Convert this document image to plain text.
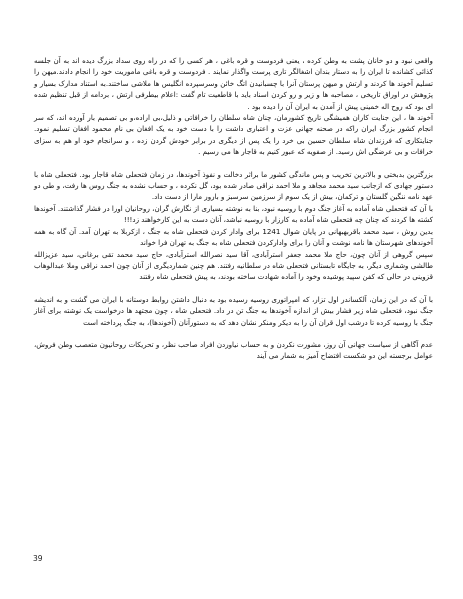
واقعی نبود و دو خانان پشت به وطن کرده ، یعنی فردوست و قره باغی ، هر کسی را که در راه روی سداد بزرگ دیده اند به آن جلسه کذائی کشانده تا ایران را به دستار بندان اشغالگر تاری پرست واگذار نمایند . فردوست و قره باغی ماموریت خود را انجام دادند.میهن را تسلیم آخوند ها کردند و ارتش و میهن پرستان آنرا با چسبانیدن اتگ خائن وسرسپرده انگلیس ها ملاشی ساختند.به استناد مدارک بسیار و پژوهش در اوراق تاریخی ، مصاحبه ها و زیر و رو کردن اسناد باید با قاطعیت تام گفت :اعلام بیطرفی ارتش ، بردامه از قبل تنظیم شده ای بود که روح اله خمینی پیش از آمدن به ایران آن را دیده بود .

آخوند ها ، این جنایت کاران همیشگی تاریخ کشورمان، چنان شاه سلطان را خرافاتی و ذلیل،بی اراده،و بی تصمیم بار آورده اند، که سر انجام کشور بزرگ ایران راکه در صحنه جهانی عزت و اعتباری داشت را با دست خود به یک افغان بی نام محمود افغان تسلیم نمود. جنایتکاری که فرزندان شاه سلطان حسین بی خرد را یک پس از دیگری در برابر خودش گردن زده ، و سرانجام خود او هم به سزای خرافات و بی عرضگی اش رسید. از صفویه که عبور کنیم به قاجار ها می رسیم .

بزرگترین بدبختی و بالاترین تخریب و پس ماندگی کشور ما براثر دخالت و نفوذ آخوندها، در زمان فتحعلی شاه قاجار بود. فتحعلی شاه با دستور جهادی که ازجانب سید محمد مجاهد و ملا احمد نراقی صادر شده بود، گل نکرده ، و حساب نشده به جنگ روس ها رفت، و طی دو عهد نامه ننگین گلستان و ترکمان، بیش از یک سوم از سرزمین سرسبز و بارور مارا از دست داد.

با آن که فتحعلی شاه آماده به آغاز جنگ دوم با روسیه نبود، بنا به نوشته بسیاری از نگارش گران، روحانیان اورا در فشار گذاشتند. آخوندها کشته ها کردند که چنان چه فتحعلی شاه آماده به کارزار با روسیه نباشد، آنان دست به این کارخواهند زد!!!

بدین روش ، سید محمد باقربهبهانی در پایان شوال 1241 برای وادار کردن فتحعلی شاه به جنگ ، ازکربلا به تهران آمد. آن گاه به همه آخوندهای شهرستان ها نامه نوشت و آنان را برای واداركردن فتحعلی شاه به جنگ به تهران فرا خواند

سپس گروهی از آنان چون، حاج ملا محمد جعفر استرآبادی، آقا سید نصرالله استرآبادی، حاج سید محمد تقی برغانی، سید عزیزالله طالشی وشماری دیگر، به جایگاه تابستانی فتحعلی شاه در سلطانیه رفتند. هم چنین شماردیگری از آنان چون احمد نراقی وملا عبدالوهاب قزوینی در حالی که کفن سپید پوشیده وخود را آماده شهادت ساخته بودند، به پیش فتحعلی شاه رفتند

با آن که در این زمان، آلکساندر اول تزار، که امپراتوری روسیه رسیده بود به دنبال داشتن روابط دوستانه با ایران می گشت و به اندیشه جنگ نبود، فتحعلی شاه زیر فشار بیش از اندازه آخوندها به جنگ تن در داد. فتحعلی شاه ، چون مجتهد ها درخواست یک نوشته برای آغاز جنگ با روسیه کرده تا درشب اول قران آن را به دیکر ومنکر نشان دهد که به دستورآنان (آخوندها)، به جنگ پرداخته است

عدم آگاهی از سیاست جهانی آن روز، مشورت نکردن و به حساب نیاوردن افراد صاحب نظر، و تحریکات روحانیون متعصب وطن فروش، عوامل برجسته این دو شکست افتضاح آمیز به شمار می آیند

39
